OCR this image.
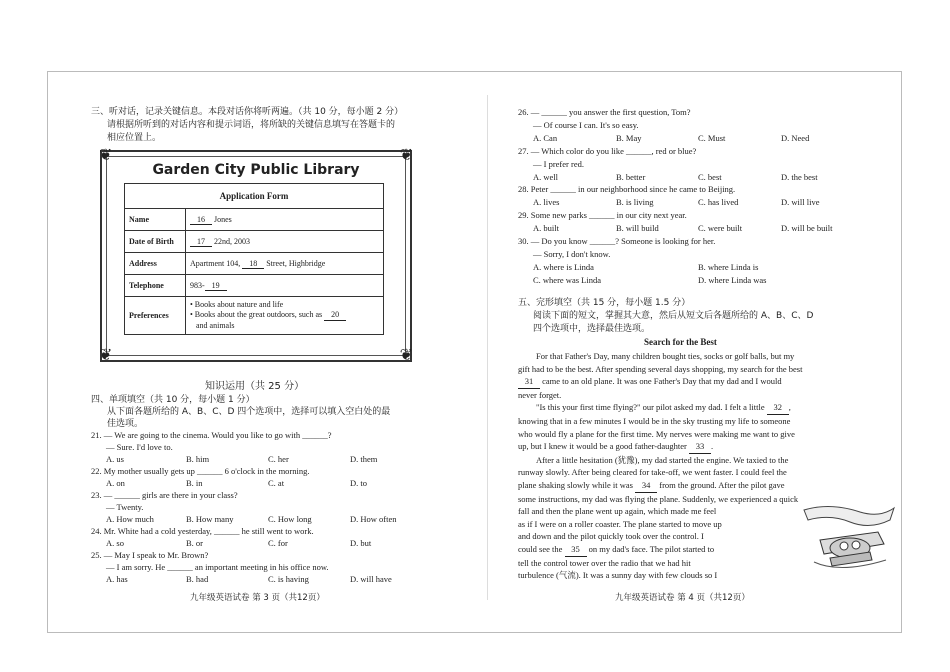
三、听对话，记录关键信息。本段对话你将听两遍。（共 10 分，每小题 2 分）
请根据所听到的对话内容和提示词语，将所缺的关键信息填写在答题卡的
相应位置上。
Garden City Public Library
❦	❦
❦	❦
Application Form	
Name	16 Jones
Date of Birth	17 22nd, 2003
Address	Apartment 104, 18 Street, Highbridge
Telephone	983- 19
Preferences	• Books about nature and life
• Books about the great outdoors, such as 20
and animals
知识运用（共 25 分）
四、单项填空（共 10 分，每小题 1 分）
从下面各题所给的 A、B、C、D 四个选项中，选择可以填入空白处的最
佳选项。
21. — We are going to the cinema. Would you like to go with ______?
— Sure. I'd love to.
A. us	B. him	C. her	D. them
22. My mother usually gets up ______ 6 o'clock in the morning.
A. on	B. in	C. at	D. to
23. — ______ girls are there in your class?
— Twenty.
A. How much	B. How many	C. How long	D. How often
24. Mr. White had a cold yesterday, ______ he still went to work.
A. so	B. or	C. for	D. but
25. — May I speak to Mr. Brown?
— I am sorry. He ______ an important meeting in his office now.
A. has	B. had	C. is having	D. will have
九年级英语试卷 第 3 页（共12页）
26. — ______ you answer the first question, Tom?
— Of course I can. It's so easy.
A. Can	B. May	C. Must	D. Need
27. — Which color do you like ______, red or blue?
— I prefer red.
A. well	B. better	C. best	D. the best
28. Peter ______ in our neighborhood since he came to Beijing.
A. lives	B. is living	C. has lived	D. will live
29. Some new parks ______ in our city next year.
A. built	B. will build	C. were built	D. will be built
30. — Do you know ______? Someone is looking for her.
— Sorry, I don't know.
A. where is Linda	B. where Linda is
C. where was Linda	D. where Linda was
五、完形填空（共 15 分，每小题 1.5 分）
阅读下面的短文，掌握其大意，然后从短文后各题所给的 A、B、C、D
四个选项中，选择最佳选项。
Search for the Best

For that Father's Day, many children bought ties, socks or golf balls, but my

gift had to be the best. After spending several days shopping, my search for the best

31 came to an old plane. It was one Father's Day that my dad and I would

never forget.

"Is this your first time flying?" our pilot asked my dad. I felt a little 32 ,

knowing that in a few minutes I would be in the sky trusting my life to someone

who would fly a plane for the first time. My nerves were making me want to give

up, but I knew it would be a good father-daughter 33 .

After a little hesitation (犹豫), my dad started the engine. We taxied to the

runway slowly. After being cleared for take-off, we went faster. I could feel the

plane shaking slowly while it was 34 from the ground. After the pilot gave

some instructions, my dad was flying the plane. Suddenly, we experienced a quick

fall and then the plane went up again, which made me feel

as if I were on a roller coaster. The plane started to move up

and down and the pilot quickly took over the control. I

could see the 35 on my dad's face. The pilot started to

tell the control tower over the radio that we had hit

turbulence (气流). It was a sunny day with few clouds so I

九年级英语试卷 第 4 页（共12页）
